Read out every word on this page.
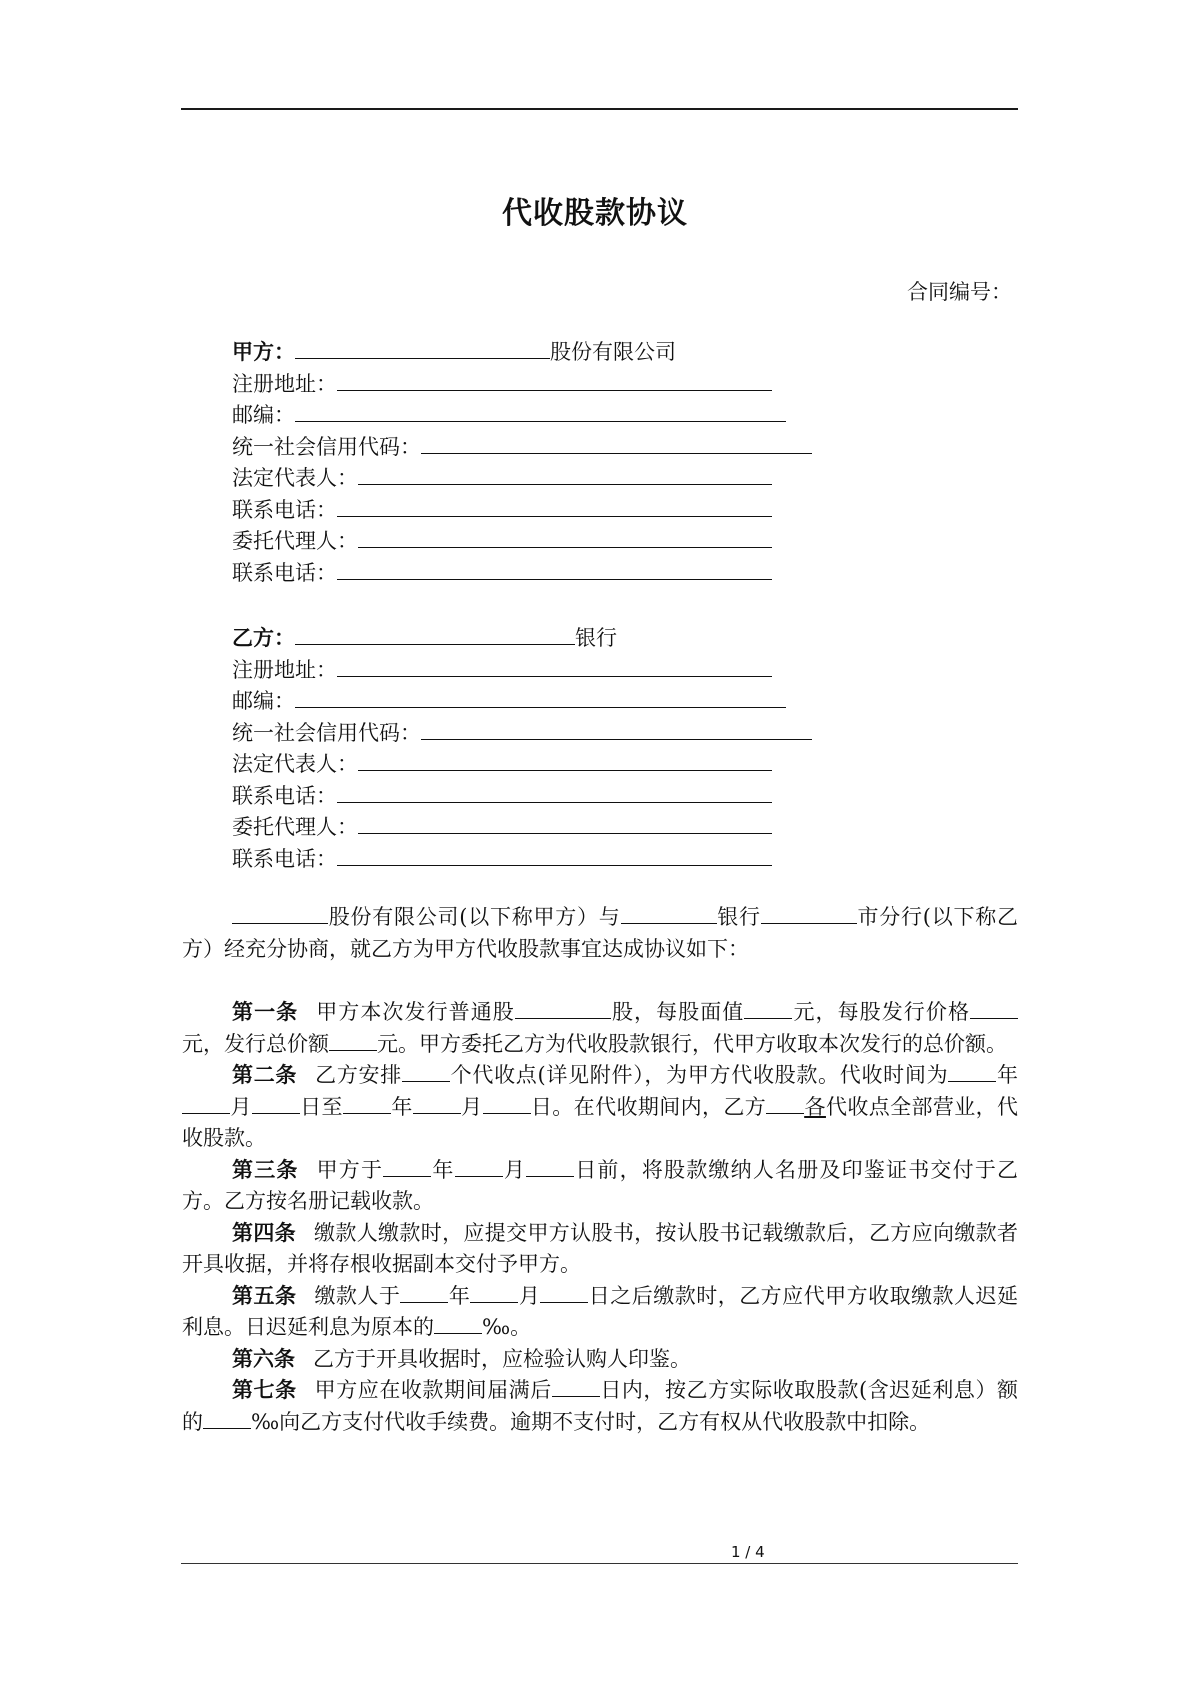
代收股款协议
合同编号：
甲方：	股份有限公司
注册地址：
邮编：
统一社会信用代码：
法定代表人：
联系电话：
委托代理人：
联系电话：
乙方：	银行
注册地址：
邮编：
统一社会信用代码：
法定代表人：
联系电话：
委托代理人：
联系电话：

股份有限公司(以下称甲方）与	银行	市分行(以下称乙方）经充分协商，就乙方为甲方代收股款事宜达成协议如下：

第一条 甲方本次发行普通股	股，每股面值 元，每股发行价格元，发行总价额 元。甲方委托乙方为代收股款银行，代甲方收取本次发行的总价额。

第二条 乙方安排 个代收点(详见附件），为甲方代收股款。代收时间为 年月 日至 年 月 日。在代收期间内，乙方 各代收点全部营业，代收股款。

第三条 甲方于 年 月 日前，将股款缴纳人名册及印鉴证书交付于乙方。乙方按名册记载收款。

第四条 缴款人缴款时，应提交甲方认股书，按认股书记载缴款后，乙方应向缴款者开具收据，并将存根收据副本交付予甲方。

第五条 缴款人于 年 月 日之后缴款时，乙方应代甲方收取缴款人迟延利息。日迟延利息为原本的 ‰。

第六条 乙方于开具收据时，应检验认购人印鉴。

第七条 甲方应在收款期间届满后 日内，按乙方实际收取股款(含迟延利息）额的 ‰向乙方支付代收手续费。逾期不支付时，乙方有权从代收股款中扣除。

1 / 4
